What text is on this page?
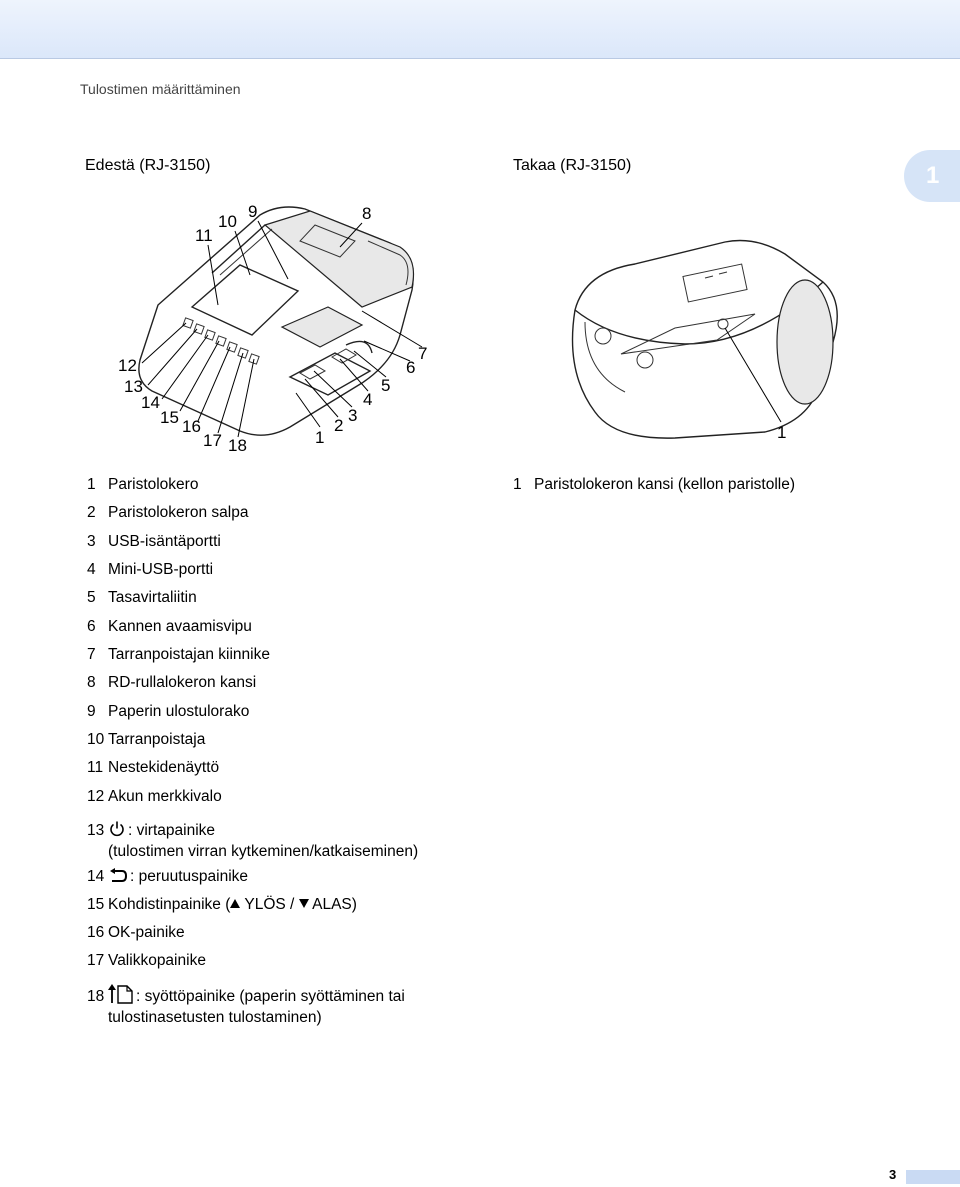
Tulostimen määrittäminen
1
Edestä (RJ-3150)	Takaa (RJ-3150)
11
10
9	8
12
13
14
15 16
17 18	1
2
3
4
5
6
7
1
1 Paristolokero
2 Paristolokeron salpa
3 USB-isäntäportti
4 Mini-USB-portti
5 Tasavirtaliitin
6 Kannen avaamisvipu
7 Tarranpoistajan kiinnike
8 RD-rullalokeron kansi
9 Paperin ulostulorako
10 Tarranpoistaja
11 Nestekidenäyttö
12 Akun merkkivalo
13 : virtapainike
(tulostimen virran kytkeminen/katkaiseminen)
14 : peruutuspainike
15 Kohdistinpainike ( YLÖS /  ALAS)
16 OK-painike
17 Valikkopainike
18 : syöttöpainike (paperin syöttäminen tai
tulostinasetusten tulostaminen)
1 Paristolokeron kansi (kellon paristolle)
3
